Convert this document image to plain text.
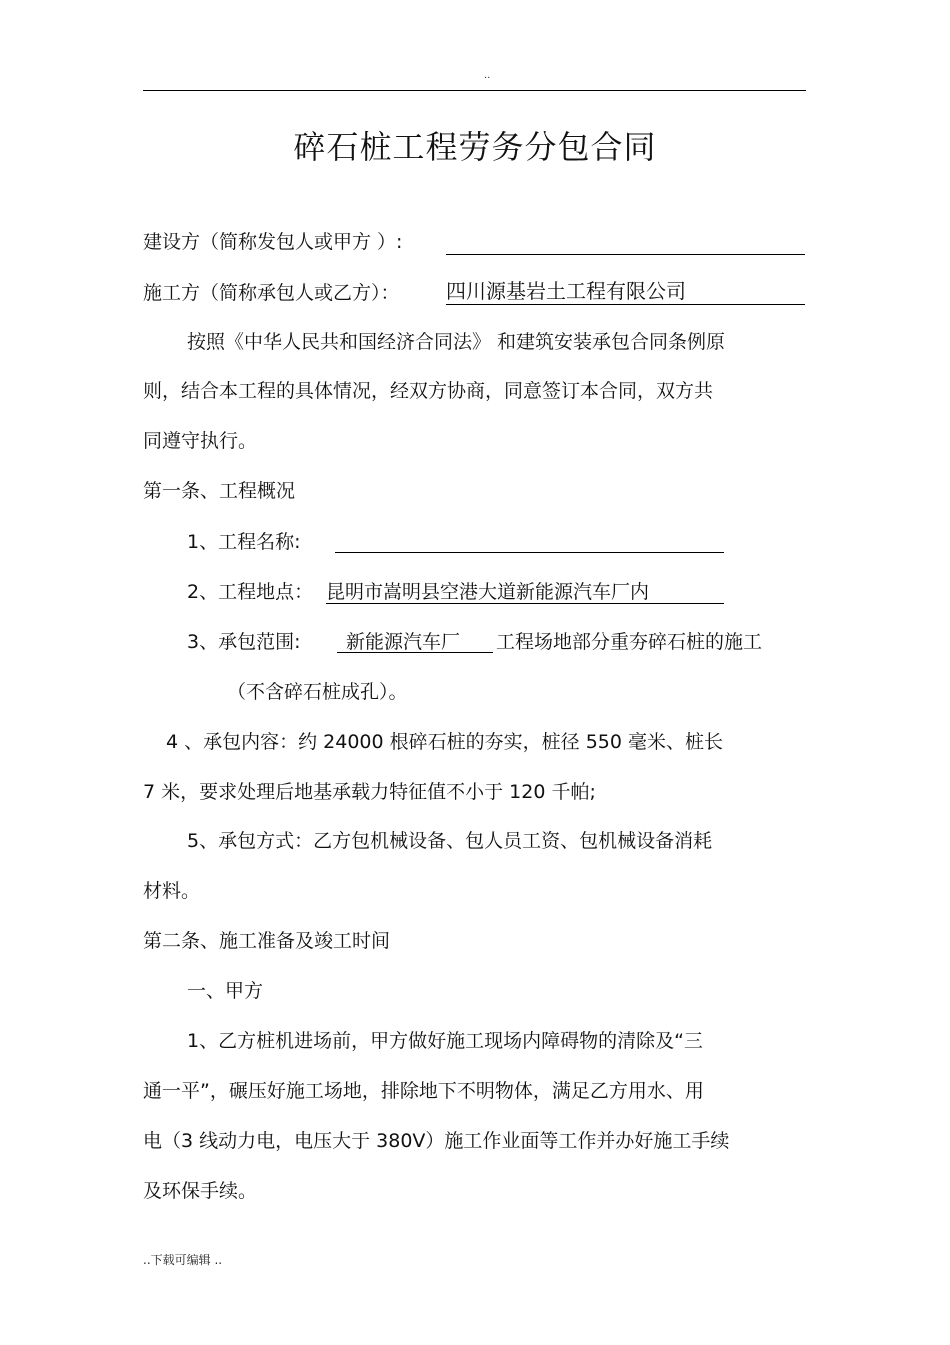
..
碎石桩工程劳务分包合同
建设方（简称发包人或甲方 ）:
施工方（简称承包人或乙方）： 四川源基岩土工程有限公司
按照《中华人民共和国经济合同法》 和建筑安装承包合同条例原
则，结合本工程的具体情况，经双方协商，同意签订本合同，双方共
同遵守执行。
第一条、工程概况
1、工程名称:
2、工程地点： 昆明市嵩明县空港大道新能源汽车厂内
3、承包范围: 新能源汽车厂 工程场地部分重夯碎石桩的施工
（不含碎石桩成孔）。
4 、承包内容：约 24000 根碎石桩的夯实，桩径 550 毫米、桩长
7 米，要求处理后地基承载力特征值不小于 120 千帕;
5、承包方式：乙方包机械设备、包人员工资、包机械设备消耗
材料。
第二条、施工准备及竣工时间
一、甲方
1、乙方桩机进场前，甲方做好施工现场内障碍物的清除及“三
通一平”，碾压好施工场地，排除地下不明物体，满足乙方用水、用
电（3 线动力电，电压大于 380V）施工作业面等工作并办好施工手续
及环保手续。
..下载可编辑 ..
